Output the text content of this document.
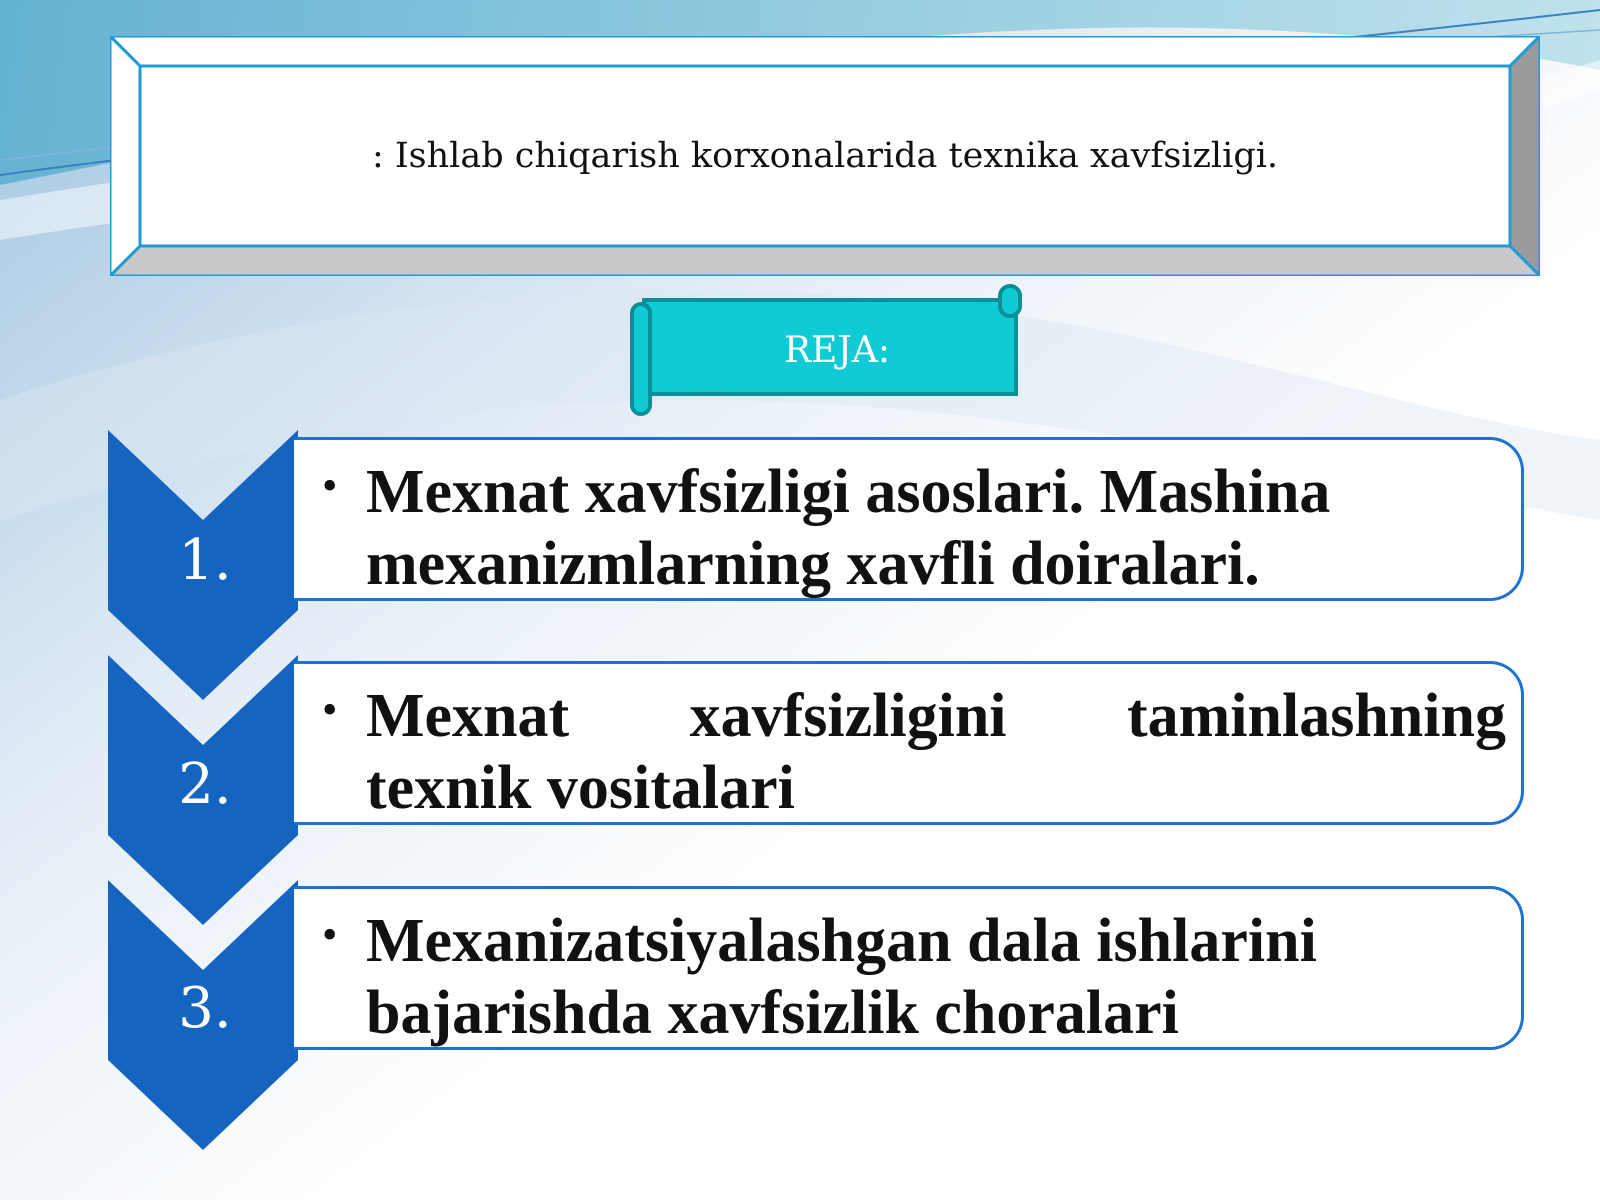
: Ishlab chiqarish korxonalarida texnika xavfsizligi.
REJA:
1.
• Mexnat xavfsizligi asoslari. Mashina
mexanizmlarning xavfli doiralari.
2.
• Mexnat xavfsizligini taminlashning
texnik vositalari
3.
• Mexanizatsiyalashgan dala ishlarini
bajarishda xavfsizlik choralari
